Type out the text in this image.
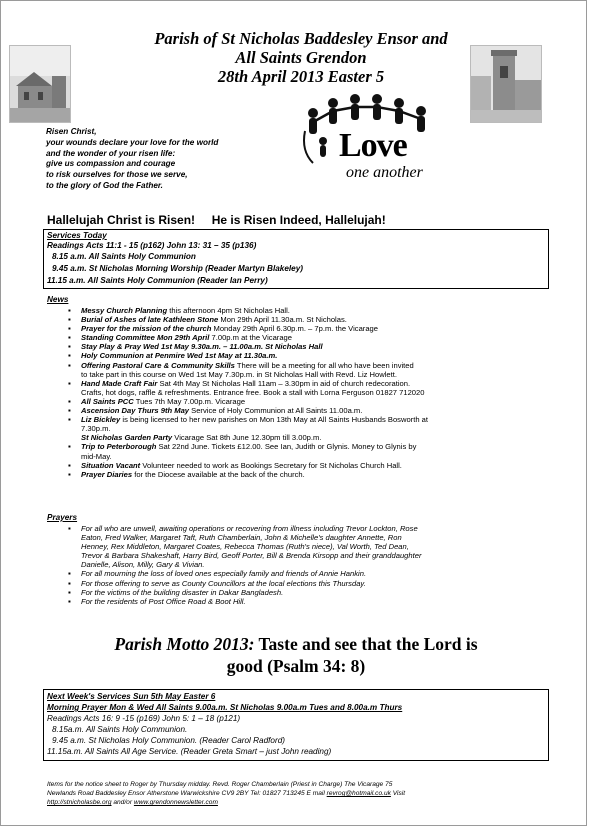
Parish of St Nicholas Baddesley Ensor and
All Saints Grendon
28th April 2013 Easter 5
Love
one another
Risen Christ,
your wounds declare your love for the world
and the wonder of your risen life:
give us compassion and courage
to risk ourselves for those we serve,
to the glory of God the Father.
Hallelujah Christ is Risen!     He is Risen Indeed, Hallelujah!
Services Today
Readings Acts 11:1 - 15 (p162) John 13: 31 – 35 (p136)
8.15 a.m. All Saints Holy Communion
9.45 a.m. St Nicholas Morning Worship (Reader Martyn Blakeley)
11.15 a.m. All Saints Holy Communion (Reader Ian Perry)
News
▪ Messy Church Planning this afternoon 4pm St Nicholas Hall.
▪ Burial of Ashes of late Kathleen Stone Mon 29th April 11.30a.m. St Nicholas.
▪ Prayer for the mission of the church Monday 29th April 6.30p.m. – 7p.m. the Vicarage
▪ Standing Committee Mon 29th April 7.00p.m at the Vicarage
▪ Stay Play & Pray Wed 1st May 9.30a.m. – 11.00a.m. St Nicholas Hall
▪ Holy Communion at Penmire Wed 1st May at 11.30a.m.
▪ Offering Pastoral Care & Community Skills There will be a meeting for all who have been invited
to take part in this course on Wed 1st May 7.30p.m. in St Nicholas Hall with Revd. Liz Howlett.
▪ Hand Made Craft Fair Sat 4th May St Nicholas Hall 11am – 3.30pm in aid of church redecoration.
Crafts, hot dogs, raffle & refreshments. Entrance free. Book a stall with Lorna Ferguson 01827 712020
▪ All Saints PCC Tues 7th May 7.00p.m. Vicarage
▪ Ascension Day Thurs 9th May Service of Holy Communion at All Saints 11.00a.m.
▪ Liz Bickley is being licensed to her new parishes on Mon 13th May at All Saints Husbands Bosworth at
7.30p.m.
St Nicholas Garden Party Vicarage Sat 8th June 12.30pm till 3.00p.m.
▪ Trip to Peterborough Sat 22nd June. Tickets £12.00. See Ian, Judith or Glynis. Money to Glynis by
mid-May.
▪ Situation Vacant Volunteer needed to work as Bookings Secretary for St Nicholas Church Hall.
▪ Prayer Diaries for the Diocese available at the back of the church.
Prayers
▪ For all who are unwell, awaiting operations or recovering from illness including Trevor Lockton, Rose
Eaton, Fred Walker, Margaret Taft, Ruth Chamberlain, John & Michelle's daughter Annette, Ron
Henney, Rex Middleton, Margaret Coates, Rebecca Thomas (Ruth's niece), Val Worth, Ted Dean,
Trevor & Barbara Shakeshaft, Harry Bird, Geoff Porter, Bill & Brenda Kirsopp and their granddaughter
Danielle, Alison, Milly, Gary & Vivian.
▪ For all mourning the loss of loved ones especially family and friends of Annie Hankin.
▪ For those offering to serve as County Councillors at the local elections this Thursday.
▪ For the victims of the building disaster in Dakar Bangladesh.
▪ For the residents of Post Office Road & Boot Hill.
Parish Motto 2013: Taste and see that the Lord is
good (Psalm 34: 8)
Next Week's Services Sun 5th May Easter 6
Morning Prayer Mon & Wed All Saints 9.00a.m. St Nicholas 9.00a.m Tues and 8.00a.m Thurs
Readings Acts 16: 9 -15 (p169) John 5: 1 – 18 (p121)
8.15a.m. All Saints Holy Communion.
9.45 a.m. St Nicholas Holy Communion. (Reader Carol Radford)
11.15a.m. All Saints All Age Service. (Reader Greta Smart – just John reading)
Items for the notice sheet to Roger by Thursday midday. Revd. Roger Chamberlain (Priest in Charge) The Vicarage 75
Newlands Road Baddesley Ensor Atherstone Warwickshire CV9 2BY Tel: 01827 713245 E mail revrog@hotmail.co.uk Visit
http://stnicholasbe.org and/or www.grendonnewsletter.com
